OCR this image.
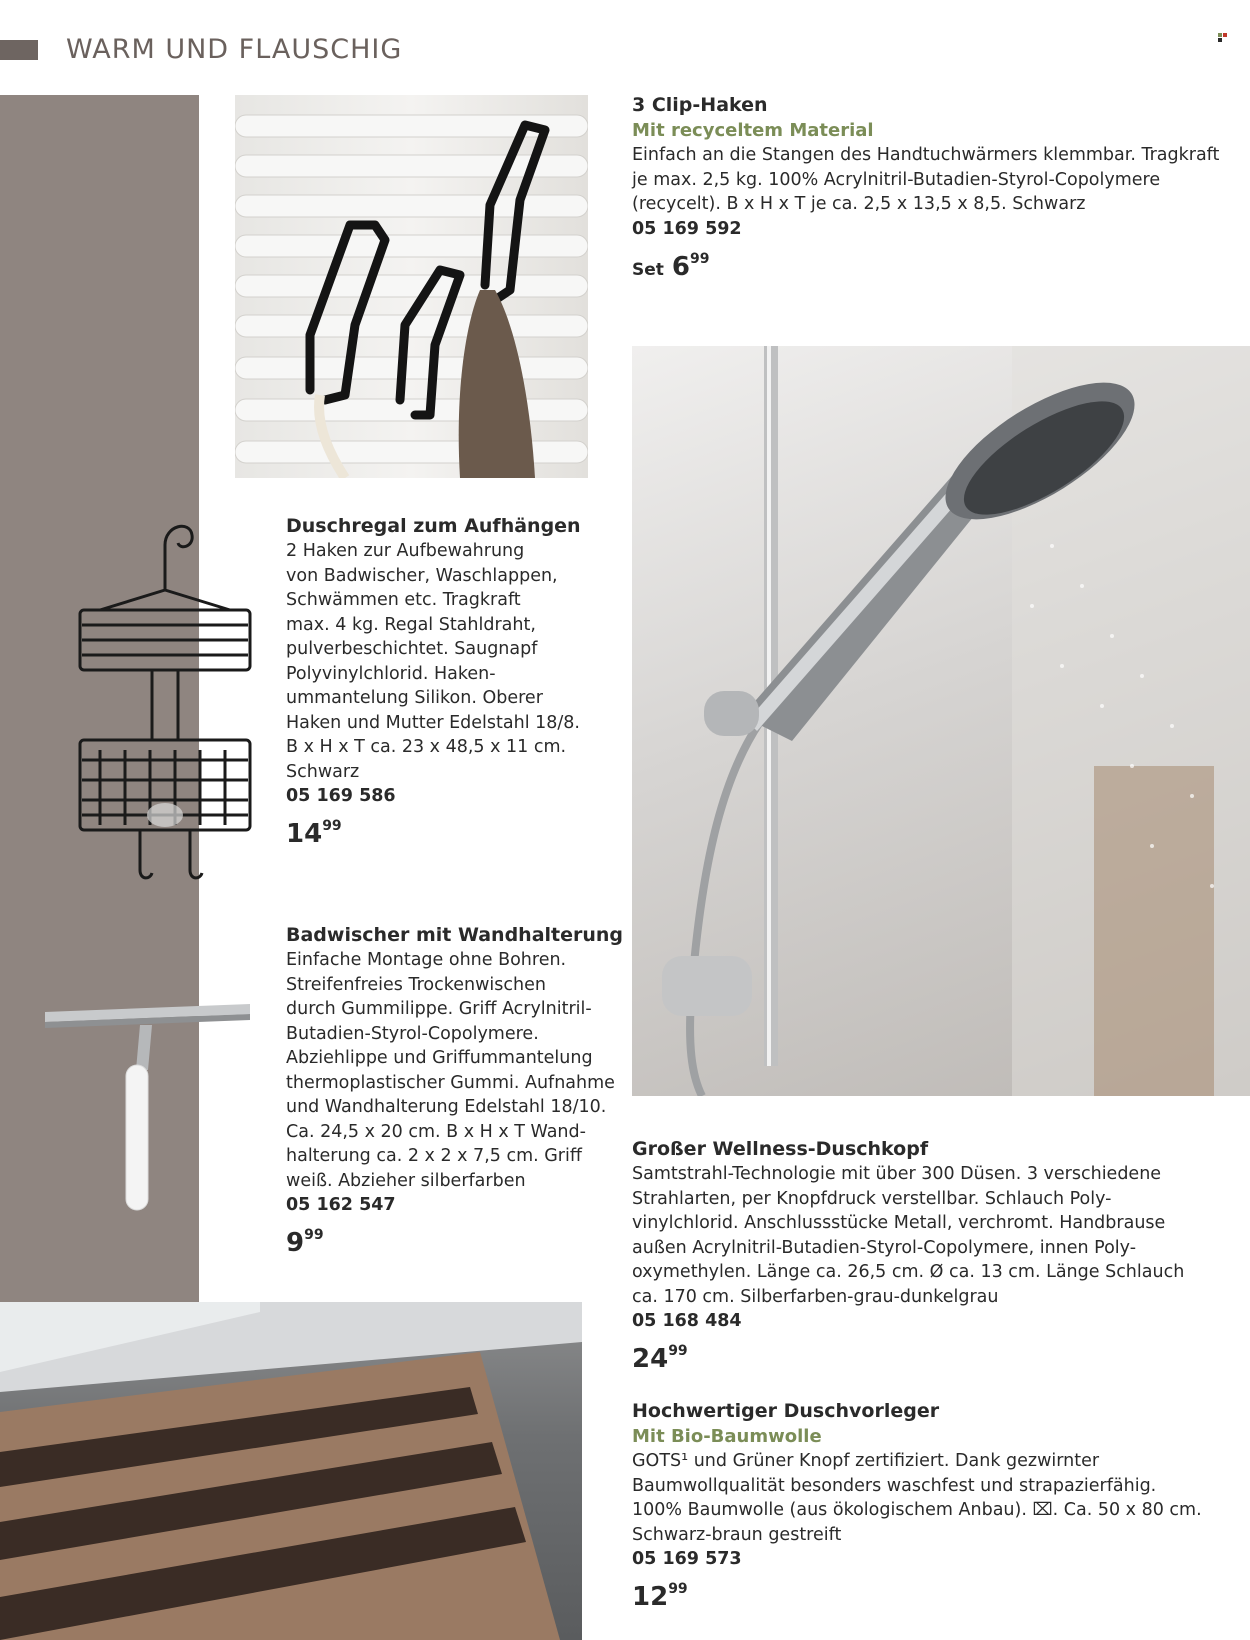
WARM UND FLAUSCHIG
3 Clip-Haken
Mit recyceltem Material
Einfach an die Stangen des Handtuchwärmers klemmbar. Tragkraft
je max. 2,5 kg. 100% Acrylnitril-Butadien-Styrol-Copolymere
(recycelt). B x H x T je ca. 2,5 x 13,5 x 8,5. Schwarz
05 169 592
Set $6^{99}$
Duschregal zum Aufhängen
2 Haken zur Aufbewahrung
von Badwischer, Waschlappen,
Schwämmen etc. Tragkraft
max. 4 kg. Regal Stahldraht,
pulverbeschichtet. Saugnapf
Polyvinylchlorid. Haken-
ummantelung Silikon. Oberer
Haken und Mutter Edelstahl 18/8.
B x H x T ca. 23 x 48,5 x 11 cm.
Schwarz
05 169 586
$14^{99}$
Badwischer mit Wandhalterung
Einfache Montage ohne Bohren.
Streifenfreies Trockenwischen
durch Gummilippe. Griff Acrylnitril-
Butadien-Styrol-Copolymere.
Abziehlippe und Griffummantelung
thermoplastischer Gummi. Aufnahme
und Wandhalterung Edelstahl 18/10.
Ca. 24,5 x 20 cm. B x H x T Wand-
halterung ca. 2 x 2 x 7,5 cm. Griff
weiß. Abzieher silberfarben
05 162 547
$9^{99}$
Großer Wellness-Duschkopf
Samtstrahl-Technologie mit über 300 Düsen. 3 verschiedene
Strahlarten, per Knopfdruck verstellbar. Schlauch Poly-
vinylchlorid. Anschlussstücke Metall, verchromt. Handbrause
außen Acrylnitril-Butadien-Styrol-Copolymere, innen Poly-
oxymethylen. Länge ca. 26,5 cm. Ø ca. 13 cm. Länge Schlauch
ca. 170 cm. Silberfarben-grau-dunkelgrau
05 168 484
$24^{99}$
Hochwertiger Duschvorleger
Mit Bio-Baumwolle
GOTS¹ und Grüner Knopf zertifiziert. Dank gezwirnter
Baumwollqualität besonders waschfest und strapazierfähig.
100% Baumwolle (aus ökologischem Anbau). ⌧. Ca. 50 x 80 cm.
Schwarz-braun gestreift
05 169 573
$12^{99}$
